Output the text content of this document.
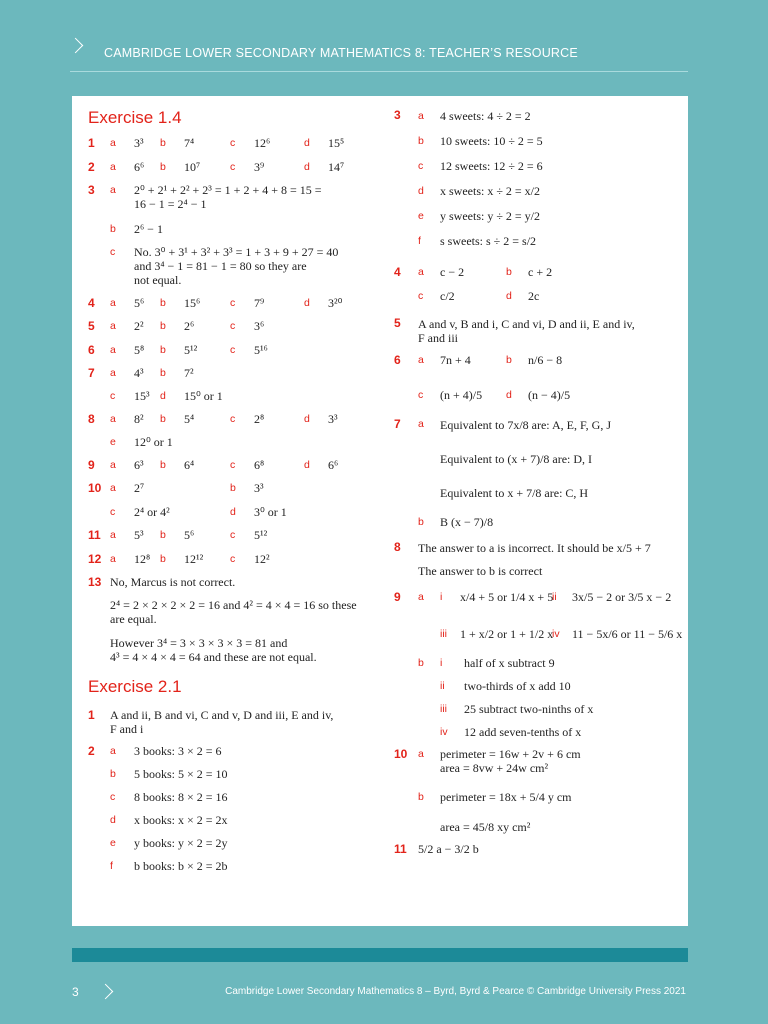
CAMBRIDGE LOWER SECONDARY MATHEMATICS 8: TEACHER’S RESOURCE
Exercise 1.4
Exercise 2.1
1 a 3³ b 7⁴	c 12⁶	d 15⁵
2 a 6⁶ b 10⁷	c 3⁹	d 14⁷
3 a 2⁰ + 2¹ + 2² + 2³ = 1 + 2 + 4 + 8 = 15 =
16 − 1 = 2⁴ − 1
b 2⁶ − 1
c No. 3⁰ + 3¹ + 3² + 3³ = 1 + 3 + 9 + 27 = 40
and 3⁴ − 1 = 81 − 1 = 80 so they are
not equal.
4 a 5⁶ b 15⁶	c 7⁹	d 3²⁰
5 a 2² b 2⁶	c 3⁶
6 a 5⁸ b 5¹²	c 5¹⁶
7 a 4³ b 7²
c 15³ d 15⁰ or 1
8 a 8² b 5⁴	c 2⁸	d 3³
e 12⁰ or 1
9 a 6³ b 6⁴	c 6⁸	d 6⁶
10 a 2⁷	b 3³
c 2⁴ or 4²	d 3⁰ or 1
11 a 5³ b 5⁶	c 5¹²
12 a 12⁸ b 12¹²	c 12²
13 No, Marcus is not correct.
2⁴ = 2 × 2 × 2 × 2 = 16 and 4² = 4 × 4 = 16 so these
are equal.
However 3⁴ = 3 × 3 × 3 × 3 = 81 and
4³ = 4 × 4 × 4 = 64 and these are not equal.
1 A and ii, B and vi, C and v, D and iii, E and iv,
F and i
2 a 3 books: 3 × 2 = 6
b 5 books: 5 × 2 = 10
c 8 books: 8 × 2 = 16
d x books: x × 2 = 2x
e y books: y × 2 = 2y
f b books: b × 2 = 2b
3 a 4 sweets: 4 ÷ 2 = 2
b 10 sweets: 10 ÷ 2 = 5
c 12 sweets: 12 ÷ 2 = 6
d x sweets: x ÷ 2 = x/2
e y sweets: y ÷ 2 = y/2
f s sweets: s ÷ 2 = s/2
4 a c − 2	b c + 2
c c/2	d 2c
5 A and v, B and i, C and vi, D and ii, E and iv,
F and iii
6 a 7n + 4	b n/6 − 8
c (n + 4)/5 d (n − 4)/5
7 a Equivalent to 7x/8 are: A, E, F, G, J
Equivalent to (x + 7)/8 are: D, I
Equivalent to x + 7/8 are: C, H
b B (x − 7)/8
8 The answer to a is incorrect. It should be x/5 + 7
The answer to b is correct
9 a i x/4 + 5 or 1/4 x + 5
ii 3x/5 − 2 or 3/5 x − 2
iii 1 + x/2 or 1 + 1/2 x
iv 11 − 5x/6 or 11 − 5/6 x
b i half of x subtract 9
ii two-thirds of x add 10
iii 25 subtract two-ninths of x
iv 12 add seven-tenths of x
10 a perimeter = 16w + 2v + 6 cm
area = 8vw + 24w cm²
b perimeter = 18x + 5/4 y cm
area = 45/8 xy cm²
11 5/2 a − 3/2 b
3	Cambridge Lower Secondary Mathematics 8 – Byrd, Byrd & Pearce © Cambridge University Press 2021
